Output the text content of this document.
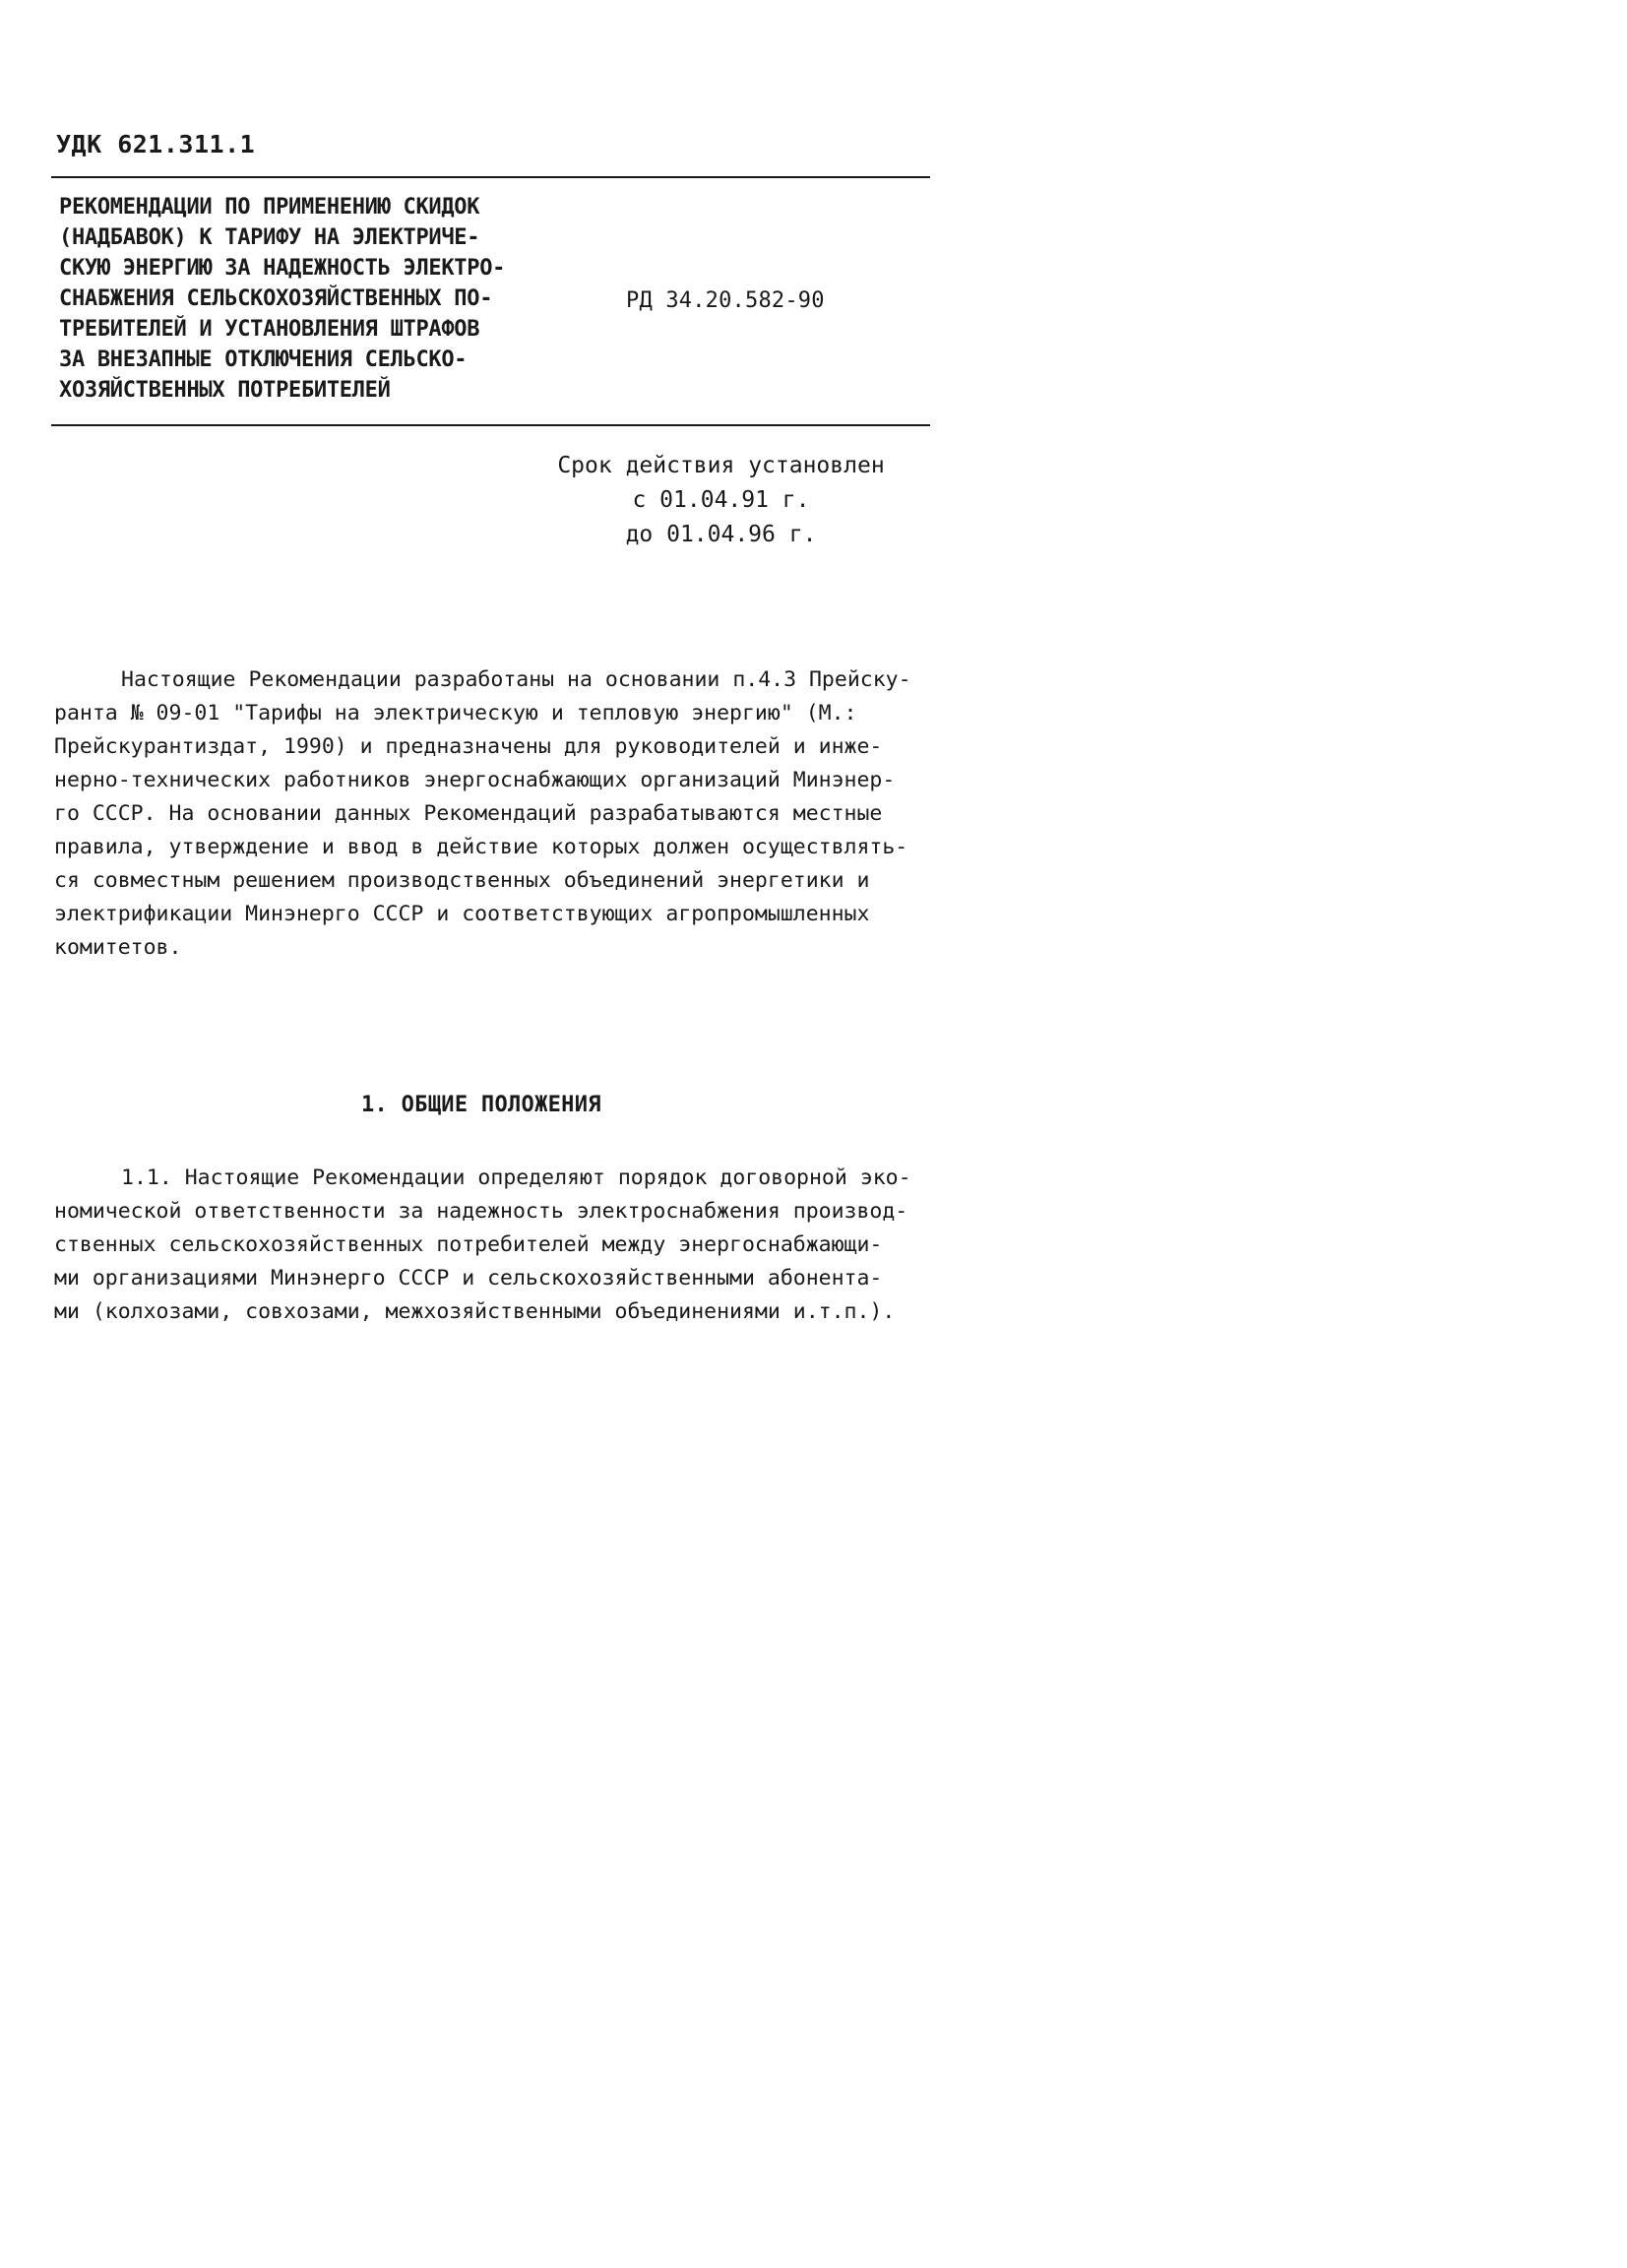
УДК 621.311.1
РЕКОМЕНДАЦИИ ПО ПРИМЕНЕНИЮ СКИДОК
(НАДБАВОК) К ТАРИФУ НА ЭЛЕКТРИЧЕ-
СКУЮ ЭНЕРГИЮ ЗА НАДЕЖНОСТЬ ЭЛЕКТРО-
СНАБЖЕНИЯ СЕЛЬСКОХОЗЯЙСТВЕННЫХ ПО-
ТРЕБИТЕЛЕЙ И УСТАНОВЛЕНИЯ ШТРАФОВ
ЗА ВНЕЗАПНЫЕ ОТКЛЮЧЕНИЯ СЕЛЬСКО-
ХОЗЯЙСТВЕННЫХ ПОТРЕБИТЕЛЕЙ
РД 34.20.582-90
Срок действия установлен
с 01.04.91 г.
до 01.04.96 г.
Настоящие Рекомендации разработаны на основании п.4.3 Прейску-
ранта № 09-01 "Тарифы на электрическую и тепловую энергию" (М.:
Прейскурантиздат, 1990) и предназначены для руководителей и инже-
нерно-технических работников энергоснабжающих организаций Минэнер-
го СССР. На основании данных Рекомендаций разрабатываются местные
правила, утверждение и ввод в действие которых должен осуществлять-
ся совместным решением производственных объединений энергетики и
электрификации Минэнерго СССР и соответствующих агропромышленных
комитетов.
1. ОБЩИЕ ПОЛОЖЕНИЯ
1.1. Настоящие Рекомендации определяют порядок договорной эко-
номической ответственности за надежность электроснабжения производ-
ственных сельскохозяйственных потребителей между энергоснабжающи-
ми организациями Минэнерго СССР и сельскохозяйственными абонента-
ми (колхозами, совхозами, межхозяйственными объединениями и.т.п.).
